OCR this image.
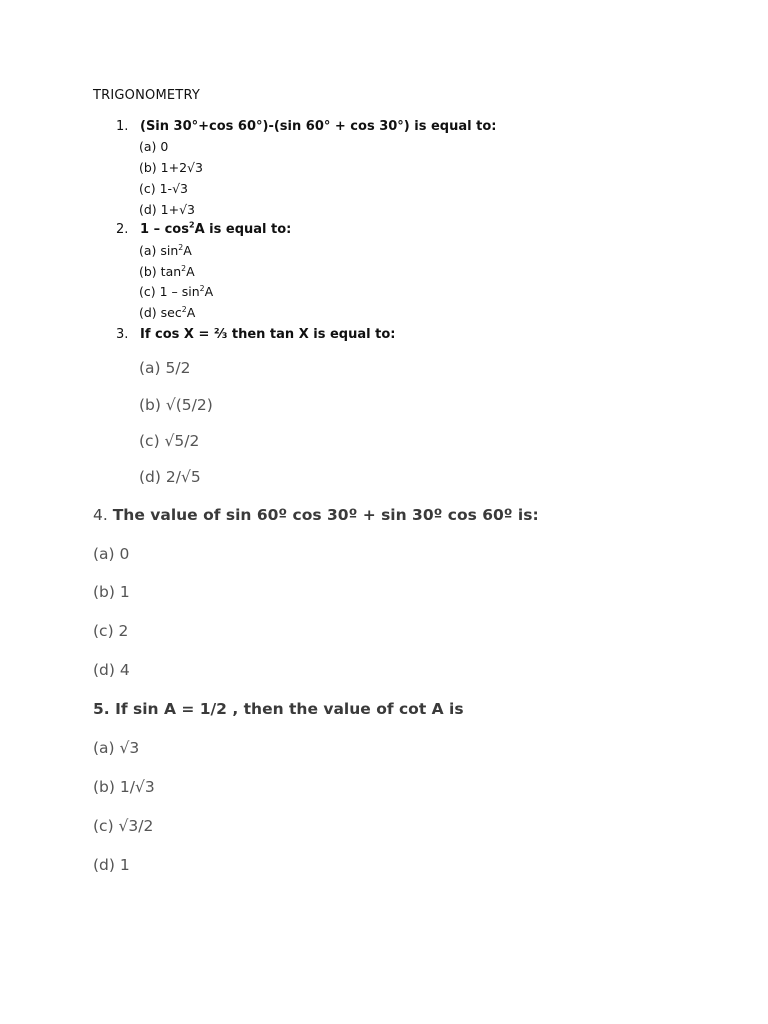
TRIGONOMETRY
1. (Sin 30°+cos 60°)-(sin 60° + cos 30°) is equal to:
(a) 0
(b) 1+2√3
(c) 1-√3
(d) 1+√3
2. $1 - \cos^2A$ is equal to:
(a) $\sin^2A$
(b) $\tan^2A$
(c) $1 - \sin^2A$
(d) $\sec^2A$
3. If cos X = ⅔ then tan X is equal to:
(a) 5/2
(b) √(5/2)
(c) √5/2
(d) 2/√5
4. The value of sin 60º cos 30º + sin 30º cos 60º is:
(a) 0
(b) 1
(c) 2
(d) 4
5. If sin A = 1/2 , then the value of cot A is
(a) √3
(b) 1/√3
(c) √3/2
(d) 1
